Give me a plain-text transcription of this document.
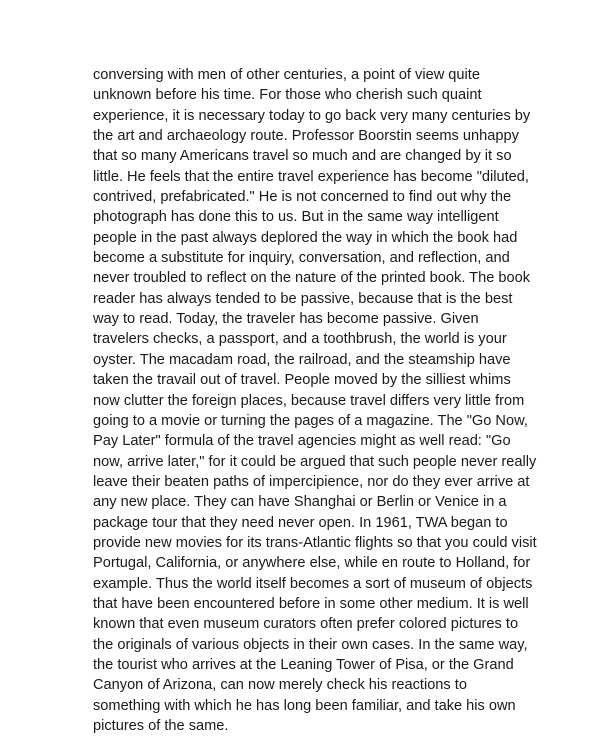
conversing with men of other centuries, a point of view quite
unknown before his time. For those who cherish such quaint
experience, it is necessary today to go back very many centuries by
the art and archaeology route. Professor Boorstin seems unhappy
that so many Americans travel so much and are changed by it so
little. He feels that the entire travel experience has become "diluted,
contrived, prefabricated." He is not concerned to find out why the
photograph has done this to us. But in the same way intelligent
people in the past always deplored the way in which the book had
become a substitute for inquiry, conversation, and reflection, and
never troubled to reflect on the nature of the printed book. The book
reader has always tended to be passive, because that is the best
way to read. Today, the traveler has become passive. Given
travelers checks, a passport, and a toothbrush, the world is your
oyster. The macadam road, the railroad, and the steamship have
taken the travail out of travel. People moved by the silliest whims
now clutter the foreign places, because travel differs very little from
going to a movie or turning the pages of a magazine. The "Go Now,
Pay Later" formula of the travel agencies might as well read: "Go
now, arrive later," for it could be argued that such people never really
leave their beaten paths of impercipience, nor do they ever arrive at
any new place. They can have Shanghai or Berlin or Venice in a
package tour that they need never open. In 1961, TWA began to
provide new movies for its trans-Atlantic flights so that you could visit
Portugal, California, or anywhere else, while en route to Holland, for
example. Thus the world itself becomes a sort of museum of objects
that have been encountered before in some other medium. It is well
known that even museum curators often prefer colored pictures to
the originals of various objects in their own cases. In the same way,
the tourist who arrives at the Leaning Tower of Pisa, or the Grand
Canyon of Arizona, can now merely check his reactions to
something with which he has long been familiar, and take his own
pictures of the same.
